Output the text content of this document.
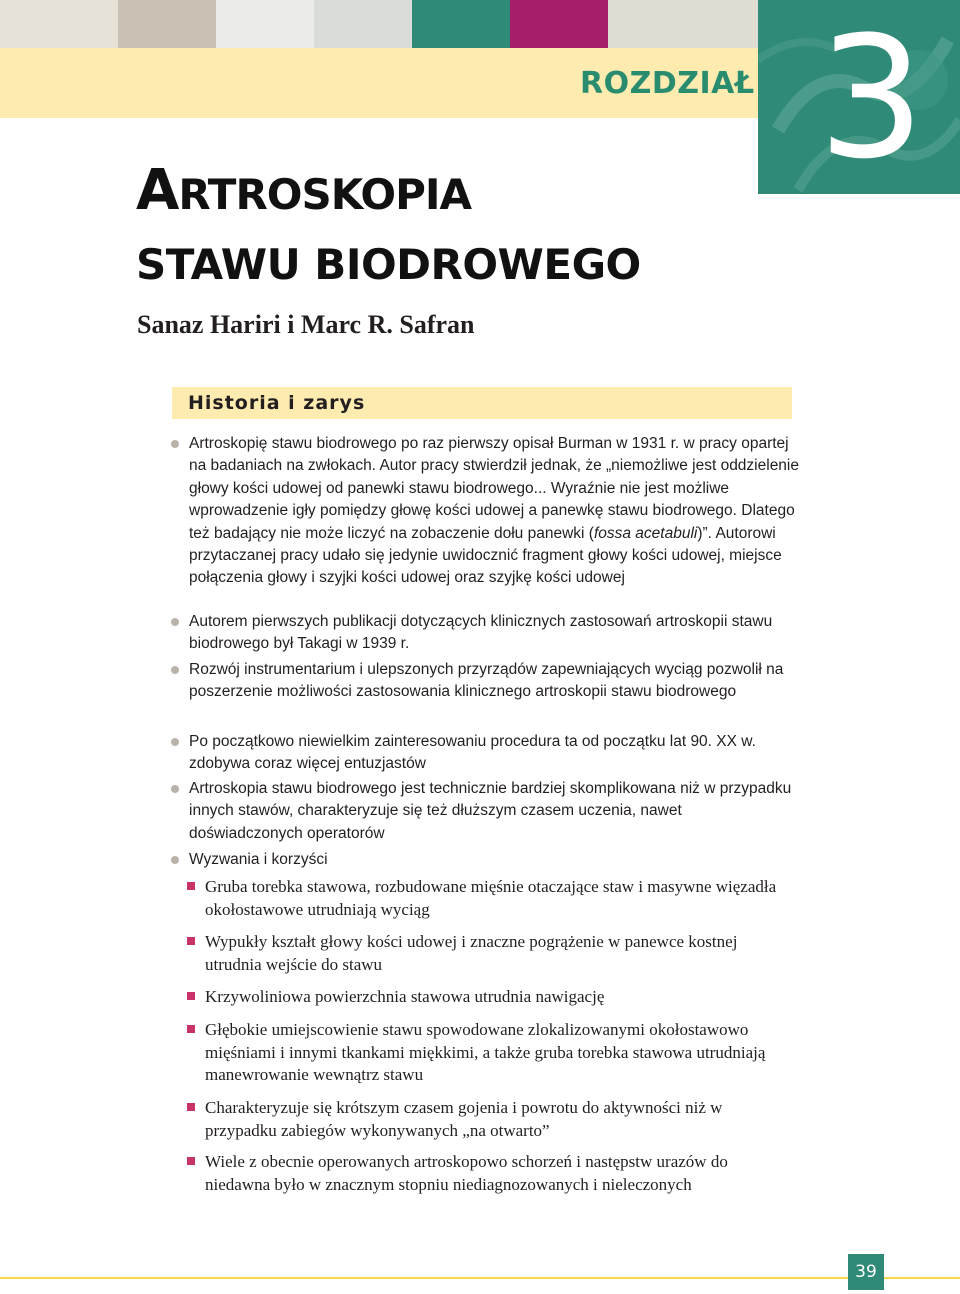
ROZDZIAŁ 3
ARTROSKOPIA
STAWU BIODROWEGO
Sanaz Hariri i Marc R. Safran
Historia i zarys
Artroskopię stawu biodrowego po raz pierwszy opisał Burman w 1931 r. w pracy opartej na badaniach na zwłokach. Autor pracy stwierdził jednak, że „niemożliwe jest oddzielenie głowy kości udowej od panewki stawu biodrowego... Wyraźnie nie jest możliwe wprowadzenie igły pomiędzy głowę kości udowej a panewkę stawu biodrowego. Dlatego też badający nie może liczyć na zobaczenie dołu panewki (fossa acetabuli)”. Autorowi przytaczanej pracy udało się jedynie uwidocznić fragment głowy kości udowej, miejsce połączenia głowy i szyjki kości udowej oraz szyjkę kości udowej
Autorem pierwszych publikacji dotyczących klinicznych zastosowań artroskopii stawu biodrowego był Takagi w 1939 r.
Rozwój instrumentarium i ulepszonych przyrządów zapewniających wyciąg pozwolił na poszerzenie możliwości zastosowania klinicznego artroskopii stawu biodrowego
Po początkowo niewielkim zainteresowaniu procedura ta od początku lat 90. XX w. zdobywa coraz więcej entuzjastów
Artroskopia stawu biodrowego jest technicznie bardziej skomplikowana niż w przypadku innych stawów, charakteryzuje się też dłuższym czasem uczenia, nawet doświadczonych operatorów
Wyzwania i korzyści
Gruba torebka stawowa, rozbudowane mięśnie otaczające staw i masywne więzadła okołostawowe utrudniają wyciąg
Wypukły kształt głowy kości udowej i znaczne pogrążenie w panewce kostnej utrudnia wejście do stawu
Krzywoliniowa powierzchnia stawowa utrudnia nawigację
Głębokie umiejscowienie stawu spowodowane zlokalizowanymi okołostawowo mięśniami i innymi tkankami miękkimi, a także gruba torebka stawowa utrudniają manewrowanie wewnątrz stawu
Charakteryzuje się krótszym czasem gojenia i powrotu do aktywności niż w przypadku zabiegów wykonywanych „na otwarto”
Wiele z obecnie operowanych artroskopowo schorzeń i następstw urazów do niedawna było w znacznym stopniu niediagnozowanych i nieleczonych
39
